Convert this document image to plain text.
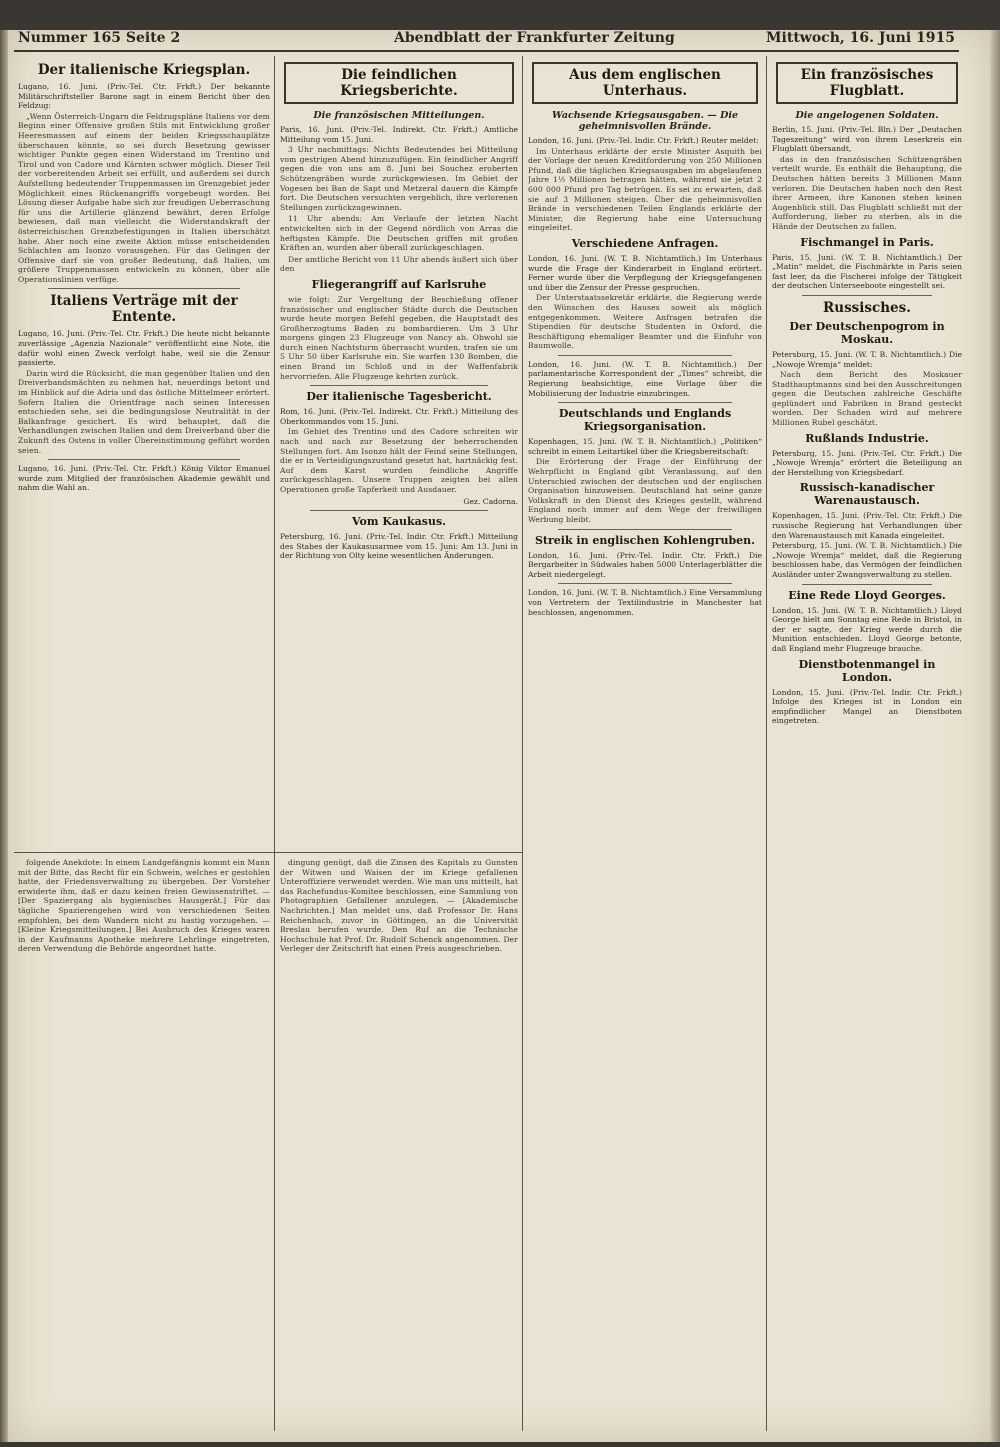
Nummer 165 Seite 2	Abendblatt der Frankfurter Zeitung	Mittwoch, 16. Juni 1915
Der italienische Kriegsplan.

Lugano, 16. Juni. (Priv.-Tel. Ctr. Frkft.) Der bekannte Militärschriftsteller Barone sagt in einem Bericht über den Feldzug:

„Wenn Österreich-Ungarn die Feldzugspläne Italiens vor dem Beginn einer Offensive großen Stils mit Entwicklung großer Heeresmassen auf einem der beiden Kriegsschauplätze überschauen könnte, so sei durch Besetzung gewisser wichtiger Punkte gegen einen Widerstand im Trentino und Tirol und von Cadore und Kärnten schwer möglich. Dieser Teil der vorbereitenden Arbeit sei erfüllt, und außerdem sei durch Aufstellung bedeutender Truppenmassen im Grenzgebiet jeder Möglichkeit eines Rückenangriffs vorgebeugt worden. Bei Lösung dieser Aufgabe habe sich zur freudigen Ueberraschung für uns die Artillerie glänzend bewährt, deren Erfolge bewiesen, daß man vielleicht die Widerstandskraft der österreichischen Grenzbefestigungen in Italien überschätzt habe. Aber noch eine zweite Aktion müsse entscheidenden Schlachten am Isonzo vorausgehen. Für das Gelingen der Offensive darf sie von großer Bedeutung, daß Italien, um größere Truppenmassen entwickeln zu können, über alle Operationslinien verfüge.

Italiens Verträge mit der Entente.

Lugano, 16. Juni. (Priv.-Tel. Ctr. Frkft.) Die heute nicht bekannte zuverlässige „Agenzia Nazionale“ veröffentlicht eine Note, die dafür wohl einen Zweck verfolgt habe, weil sie die Zensur passierte.

Darin wird die Rücksicht, die man gegenüber Italien und den Dreiverbandsmächten zu nehmen hat, neuerdings betont und im Hinblick auf die Adria und das östliche Mittelmeer erörtert. Sofern Italien die Orientfrage nach seinen Interessen entschieden sehe, sei die bedingungslose Neutralität in der Balkanfrage gesichert. Es wird behauptet, daß die Verhandlungen zwischen Italien und dem Dreiverband über die Zukunft des Ostens in voller Übereinstimmung geführt worden seien.

Lugano, 16. Juni. (Priv.-Tel. Ctr. Frkft.) König Viktor Emanuel wurde zum Mitglied der französischen Akademie gewählt und nahm die Wahl an.

Die feindlichen Kriegsberichte.
Die französischen Mitteilungen.

Paris, 16. Juni. (Priv.-Tel. Indirekt. Ctr. Frkft.) Amtliche Mitteilung vom 15. Juni.

3 Uhr nachmittags: Nichts Bedeutendes bei Mitteilung vom gestrigen Abend hinzuzufügen. Ein feindlicher Angriff gegen die von uns am 8. Juni bei Souchez eroberten Schützengräben wurde zurückgewiesen. Im Gebiet der Vogesen bei Ban de Sapt und Metzeral dauern die Kämpfe fort. Die Deutschen versuchten vergeblich, ihre verlorenen Stellungen zurückzugewinnen.

11 Uhr abends: Am Verlaufe der letzten Nacht entwickelten sich in der Gegend nördlich von Arras die heftigsten Kämpfe. Die Deutschen griffen mit großen Kräften an, wurden aber überall zurückgeschlagen.

Der amtliche Bericht von 11 Uhr abends äußert sich über den

Fliegerangriff auf Karlsruhe

wie folgt: Zur Vergeltung der Beschießung offener französischer und englischer Städte durch die Deutschen wurde heute morgen Befehl gegeben, die Hauptstadt des Großherzogtums Baden zu bombardieren. Um 3 Uhr morgens gingen 23 Flugzeuge von Nancy ab. Obwohl sie durch einen Nachtsturm überrascht wurden, trafen sie um 5 Uhr 50 über Karlsruhe ein. Sie warfen 130 Bomben, die einen Brand im Schloß und in der Waffenfabrik hervorriefen. Alle Flugzeuge kehrten zurück.

Der italienische Tagesbericht.

Rom, 16. Juni. (Priv.-Tel. Indirekt. Ctr. Frkft.) Mitteilung des Oberkommandos vom 15. Juni.

Im Gebiet des Trentino und des Cadore schreiten wir nach und nach zur Besetzung der beherrschenden Stellungen fort. Am Isonzo hält der Feind seine Stellungen, die er in Verteidigungszustand gesetzt hat, hartnäckig fest. Auf dem Karst wurden feindliche Angriffe zurückgeschlagen. Unsere Truppen zeigten bei allen Operationen große Tapferkeit und Ausdauer.

Gez. Cadorna.

Vom Kaukasus.

Petersburg, 16. Juni. (Priv.-Tel. Indir. Ctr. Frkft.) Mitteilung des Stabes der Kaukasusarmee vom 15. Juni: Am 13. Juni in der Richtung von Olty keine wesentlichen Änderungen.

Aus dem englischen Unterhaus.
Wachsende Kriegsausgaben. — Die geheimnisvollen Brände.

London, 16. Juni. (Priv.-Tel. Indir. Ctr. Frkft.) Reuter meldet:

Im Unterhaus erklärte der erste Minister Asquith bei der Vorlage der neuen Kreditforderung von 250 Millionen Pfund, daß die täglichen Kriegsausgaben im abgelaufenen Jahre 1½ Millionen betragen hätten, während sie jetzt 2 600 000 Pfund pro Tag betrügen. Es sei zu erwarten, daß sie auf 3 Millionen steigen. Über die geheimnisvollen Brände in verschiedenen Teilen Englands erklärte der Minister, die Regierung habe eine Untersuchung eingeleitet.

Verschiedene Anfragen.

London, 16. Juni. (W. T. B. Nichtamtlich.) Im Unterhaus wurde die Frage der Kinderarbeit in England erörtert. Ferner wurde über die Verpflegung der Kriegsgefangenen und über die Zensur der Presse gesprochen.

Der Unterstaatssekretär erklärte, die Regierung werde den Wünschen des Hauses soweit als möglich entgegenkommen. Weitere Anfragen betrafen die Stipendien für deutsche Studenten in Oxford, die Beschäftigung ehemaliger Beamter und die Einfuhr von Baumwolle.

London, 16. Juni. (W. T. B. Nichtamtlich.) Der parlamentarische Korrespondent der „Times“ schreibt, die Regierung beabsichtige, eine Vorlage über die Mobilisierung der Industrie einzubringen.

Deutschlands und Englands Kriegsorganisation.

Kopenhagen, 15. Juni. (W. T. B. Nichtamtlich.) „Politiken“ schreibt in einem Leitartikel über die Kriegsbereitschaft:

Die Erörterung der Frage der Einführung der Wehrpflicht in England gibt Veranlassung, auf den Unterschied zwischen der deutschen und der englischen Organisation hinzuweisen. Deutschland hat seine ganze Volkskraft in den Dienst des Krieges gestellt, während England noch immer auf dem Wege der freiwilligen Werbung bleibt.

Streik in englischen Kohlengruben.

London, 16. Juni. (Priv.-Tel. Indir. Ctr. Frkft.) Die Bergarbeiter in Südwales haben 5000 Unterlagerblätter die Arbeit niedergelegt.

London, 16. Juni. (W. T. B. Nichtamtlich.) Eine Versammlung von Vertretern der Textilindustrie in Manchester hat beschlossen, angenommen.

Ein französisches Flugblatt.
Die angelogenen Soldaten.

Berlin, 15. Juni. (Priv.-Tel. Bln.) Der „Deutschen Tageszeitung“ wird von ihrem Leserkreis ein Flugblatt übersandt,

das in den französischen Schützengräben verteilt wurde. Es enthält die Behauptung, die Deutschen hätten bereits 3 Millionen Mann verloren. Die Deutschen haben noch den Rest ihrer Armeen, ihre Kanonen stehen keinen Augenblick still. Das Flugblatt schließt mit der Aufforderung, lieber zu sterben, als in die Hände der Deutschen zu fallen.

Fischmangel in Paris.

Paris, 15. Juni. (W. T. B. Nichtamtlich.) Der „Matin“ meldet, die Fischmärkte in Paris seien fast leer, da die Fischerei infolge der Tätigkeit der deutschen Unterseeboote eingestellt sei.

Russisches.
Der Deutschenpogrom in Moskau.

Petersburg, 15. Juni. (W. T. B. Nichtamtlich.) Die „Nowoje Wremja“ meldet:

Nach dem Bericht des Moskauer Stadthauptmanns sind bei den Ausschreitungen gegen die Deutschen zahlreiche Geschäfte geplündert und Fabriken in Brand gesteckt worden. Der Schaden wird auf mehrere Millionen Rubel geschätzt.

Rußlands Industrie.

Petersburg, 15. Juni. (Priv.-Tel. Ctr. Frkft.) Die „Nowoje Wremja“ erörtert die Beteiligung an der Herstellung von Kriegsbedarf.

Russisch-kanadischer Warenaustausch.

Kopenhagen, 15. Juni. (Priv.-Tel. Ctr. Frkft.) Die russische Regierung hat Verhandlungen über den Warenaustausch mit Kanada eingeleitet.

Petersburg, 15. Juni. (W. T. B. Nichtamtlich.) Die „Nowoje Wremja“ meldet, daß die Regierung beschlossen habe, das Vermögen der feindlichen Ausländer unter Zwangsverwaltung zu stellen.

Eine Rede Lloyd Georges.

London, 15. Juni. (W. T. B. Nichtamtlich.) Lloyd George hielt am Sonntag eine Rede in Bristol, in der er sagte, der Krieg werde durch die Munition entschieden. Lloyd George betonte, daß England mehr Flugzeuge brauche.

Dienstbotenmangel in London.

London, 15. Juni. (Priv.-Tel. Indir. Ctr. Frkft.) Infolge des Krieges ist in London ein empfindlicher Mangel an Dienstboten eingetreten.

folgende Anekdote: In einem Landgefängnis kommt ein Mann mit der Bitte, das Recht für ein Schwein, welches er gestohlen hatte, der Friedensverwaltung zu übergeben. Der Vorsteher erwiderte ihm, daß er dazu keinen freien Gewissenstriftet. — [Der Spaziergang als hygienisches Hausgerät.] Für das tägliche Spazierengehen wird von verschiedenen Seiten empfohlen, bei dem Wandern nicht zu hastig vorzugehen. — [Kleine Kriegsmitteilungen.] Bei Ausbruch des Krieges waren in der Kaufmanns Apotheke mehrere Lehrlinge eingetreten, deren Verwendung die Behörde angeordnet hatte.

dingung genügt, daß die Zinsen des Kapitals zu Gunsten der Witwen und Waisen der im Kriege gefallenen Unteroffiziere verwendet werden. Wie man uns mitteilt, hat das Rachefundus-Komitee beschlossen, eine Sammlung von Photographien Gefallener anzulegen. — [Akademische Nachrichten.] Man meldet uns, daß Professor Dr. Hans Reichenbach, zuvor in Göttingen, an die Universität Breslau berufen wurde. Den Ruf an die Technische Hochschule hat Prof. Dr. Rudolf Schenck angenommen. Der Verleger der Zeitschrift hat einen Preis ausgeschrieben.
